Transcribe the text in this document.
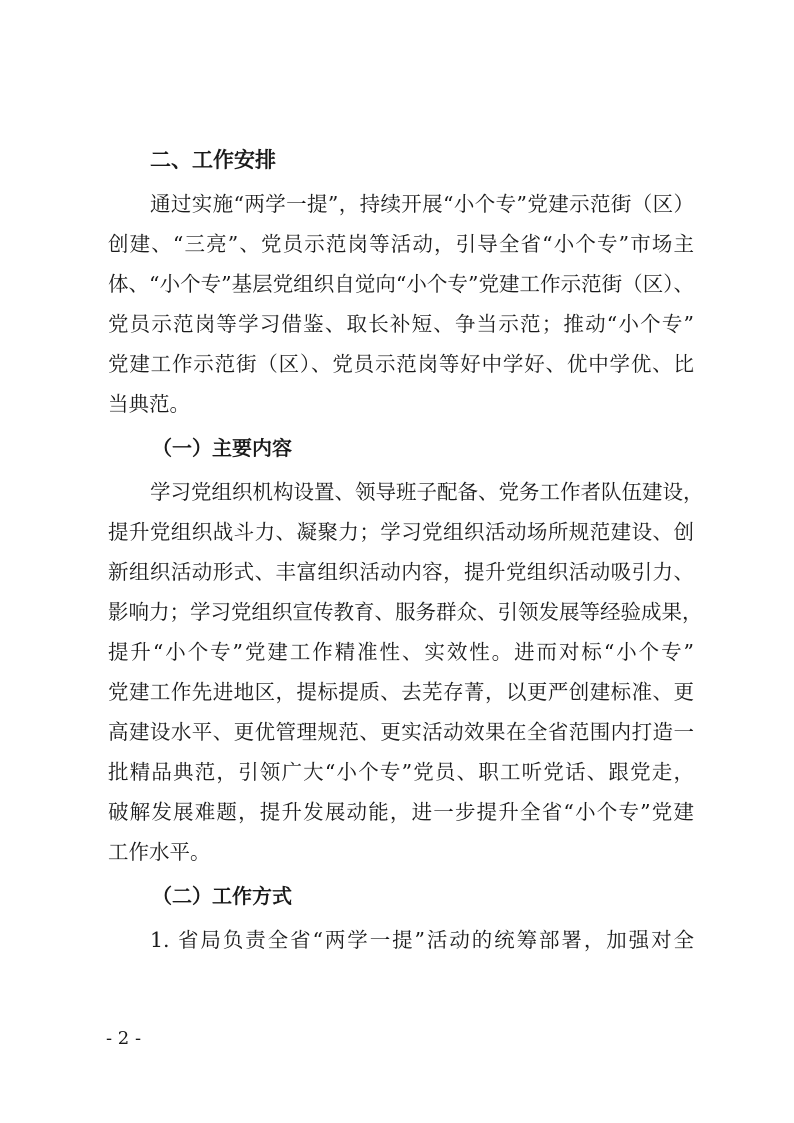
二、工作安排
通过实施“两学一提”，持续开展“小个专”党建示范街（区）
创建、“三亮”、党员示范岗等活动，引导全省“小个专”市场主
体、“小个专”基层党组织自觉向“小个专”党建工作示范街（区）、
党员示范岗等学习借鉴、取长补短、争当示范；推动“小个专”
党建工作示范街（区）、党员示范岗等好中学好、优中学优、比
当典范。
（一）主要内容
学习党组织机构设置、领导班子配备、党务工作者队伍建设，
提升党组织战斗力、凝聚力；学习党组织活动场所规范建设、创
新组织活动形式、丰富组织活动内容，提升党组织活动吸引力、
影响力；学习党组织宣传教育、服务群众、引领发展等经验成果，
提升“小个专”党建工作精准性、实效性。进而对标“小个专”
党建工作先进地区，提标提质、去芜存菁，以更严创建标准、更
高建设水平、更优管理规范、更实活动效果在全省范围内打造一
批精品典范，引领广大“小个专”党员、职工听党话、跟党走，
破解发展难题，提升发展动能，进一步提升全省“小个专”党建
工作水平。
（二）工作方式
1. 省局负责全省“两学一提”活动的统筹部署，加强对全
- 2 -
